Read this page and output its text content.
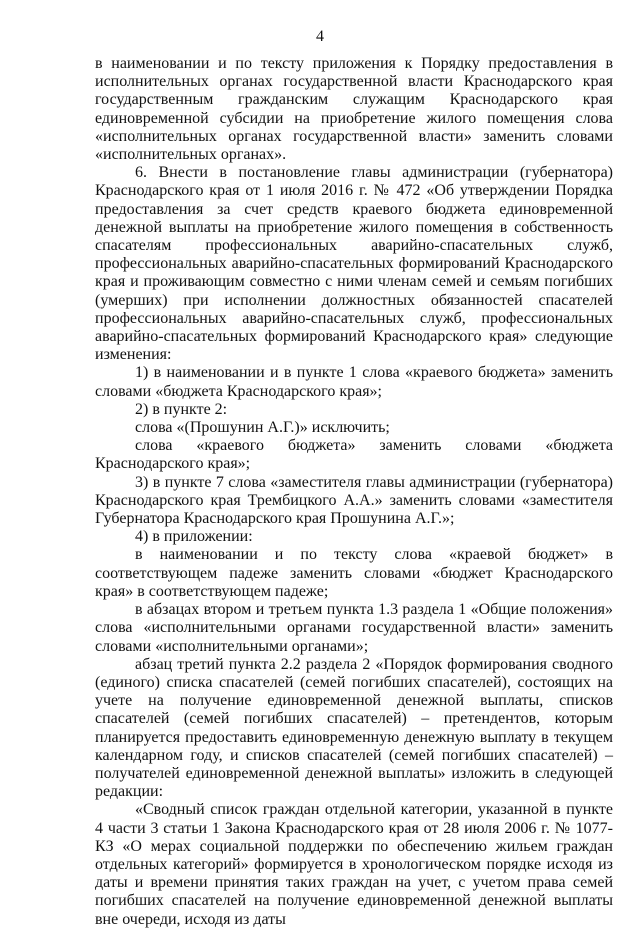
4

в наименовании и по тексту приложения к Порядку предоставления в исполнительных органах государственной власти Краснодарского края государственным гражданским служащим Краснодарского края единовременной субсидии на приобретение жилого помещения слова «исполнительных органах государственной власти» заменить словами «исполнительных органах».

6. Внести в постановление главы администрации (губернатора) Краснодарского края от 1 июля 2016 г. № 472 «Об утверждении Порядка предоставления за счет средств краевого бюджета единовременной денежной выплаты на приобретение жилого помещения в собственность спасателям профессиональных аварийно-спасательных служб, профессиональных аварийно-спасательных формирований Краснодарского края и проживающим совместно с ними членам семей и семьям погибших (умерших) при исполнении должностных обязанностей спасателей профессиональных аварийно-спасательных служб, профессиональных аварийно-спасательных формирований Краснодарского края» следующие изменения:

1) в наименовании и в пункте 1 слова «краевого бюджета» заменить словами «бюджета Краснодарского края»;

2) в пункте 2:

слова «(Прошунин А.Г.)» исключить;

слова «краевого бюджета» заменить словами «бюджета Краснодарского края»;

3) в пункте 7 слова «заместителя главы администрации (губернатора) Краснодарского края Трембицкого А.А.» заменить словами «заместителя Губернатора Краснодарского края Прошунина А.Г.»;

4) в приложении:

в наименовании и по тексту слова «краевой бюджет» в соответствующем падеже заменить словами «бюджет Краснодарского края» в соответствующем падеже;

в абзацах втором и третьем пункта 1.3 раздела 1 «Общие положения» слова «исполнительными органами государственной власти» заменить словами «исполнительными органами»;

абзац третий пункта 2.2 раздела 2 «Порядок формирования сводного (единого) списка спасателей (семей погибших спасателей), состоящих на учете на получение единовременной денежной выплаты, списков спасателей (семей погибших спасателей) – претендентов, которым планируется предоставить единовременную денежную выплату в текущем календарном году, и списков спасателей (семей погибших спасателей) – получателей единовременной денежной выплаты» изложить в следующей редакции:

«Сводный список граждан отдельной категории, указанной в пункте 4 части 3 статьи 1 Закона Краснодарского края от 28 июля 2006 г. № 1077-КЗ «О мерах социальной поддержки по обеспечению жильем граждан отдельных категорий» формируется в хронологическом порядке исходя из даты и времени принятия таких граждан на учет, с учетом права семей погибших спасателей на получение единовременной денежной выплаты вне очереди, исходя из даты
